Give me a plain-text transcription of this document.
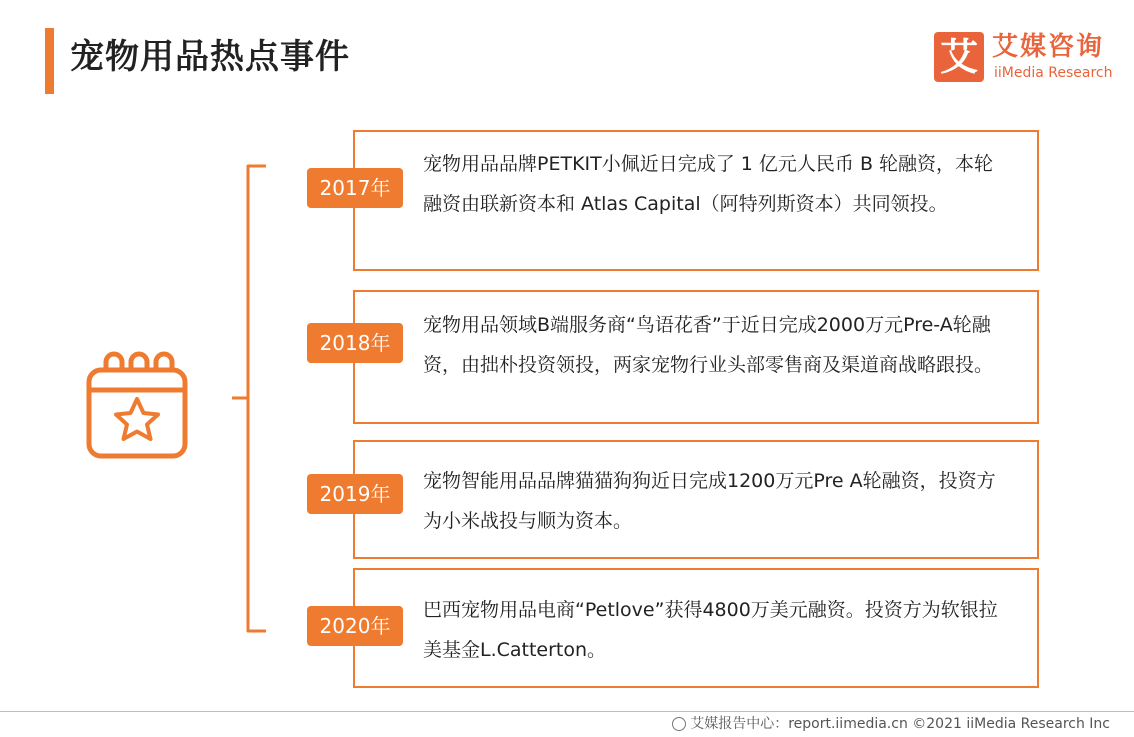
宠物用品热点事件	艾 艾媒咨询
iiMedia Research
宠物用品品牌PETKIT小佩近日完成了 1 亿元人民币 B 轮融资，本轮融资由联新资本和 Atlas Capital（阿特列斯资本）共同领投。
2017年
宠物用品领域B端服务商“鸟语花香”于近日完成2000万元Pre-A轮融资，由拙朴投资领投，两家宠物行业头部零售商及渠道商战略跟投。
2018年
宠物智能用品品牌猫猫狗狗近日完成1200万元Pre A轮融资，投资方为小米战投与顺为资本。
2019年
巴西宠物用品电商“Petlove”获得4800万美元融资。投资方为软银拉美基金L.Catterton。
2020年
艾媒报告中心：report.iimedia.cn ©2021 iiMedia Research Inc
